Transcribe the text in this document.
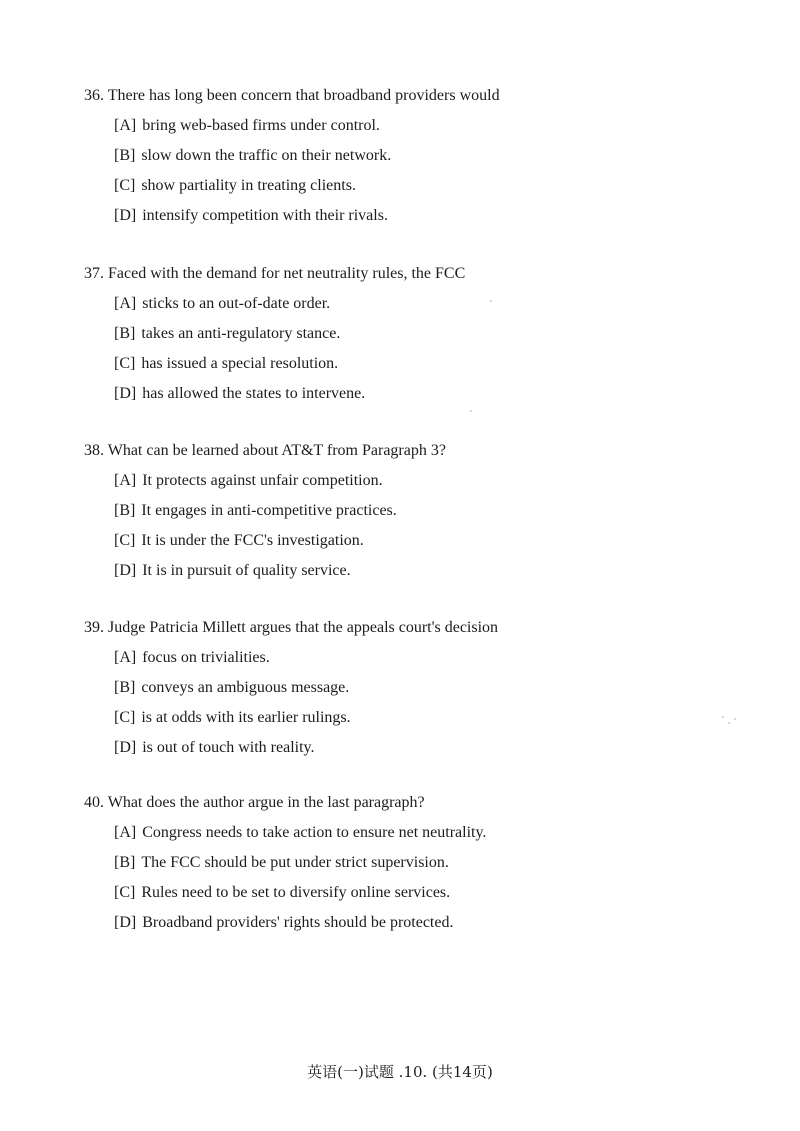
36. There has long been concern that broadband providers would
[A] bring web-based firms under control.
[B] slow down the traffic on their network.
[C] show partiality in treating clients.
[D] intensify competition with their rivals.
37. Faced with the demand for net neutrality rules, the FCC
[A] sticks to an out-of-date order.
[B] takes an anti-regulatory stance.
[C] has issued a special resolution.
[D] has allowed the states to intervene.
38. What can be learned about AT&T from Paragraph 3?
[A] It protects against unfair competition.
[B] It engages in anti-competitive practices.
[C] It is under the FCC's investigation.
[D] It is in pursuit of quality service.
39. Judge Patricia Millett argues that the appeals court's decision
[A] focus on trivialities.
[B] conveys an ambiguous message.
[C] is at odds with its earlier rulings.
[D] is out of touch with reality.
40. What does the author argue in the last paragraph?
[A] Congress needs to take action to ensure net neutrality.
[B] The FCC should be put under strict supervision.
[C] Rules need to be set to diversify online services.
[D] Broadband providers' rights should be protected.
英语(一)试题 .10. (共14页)
